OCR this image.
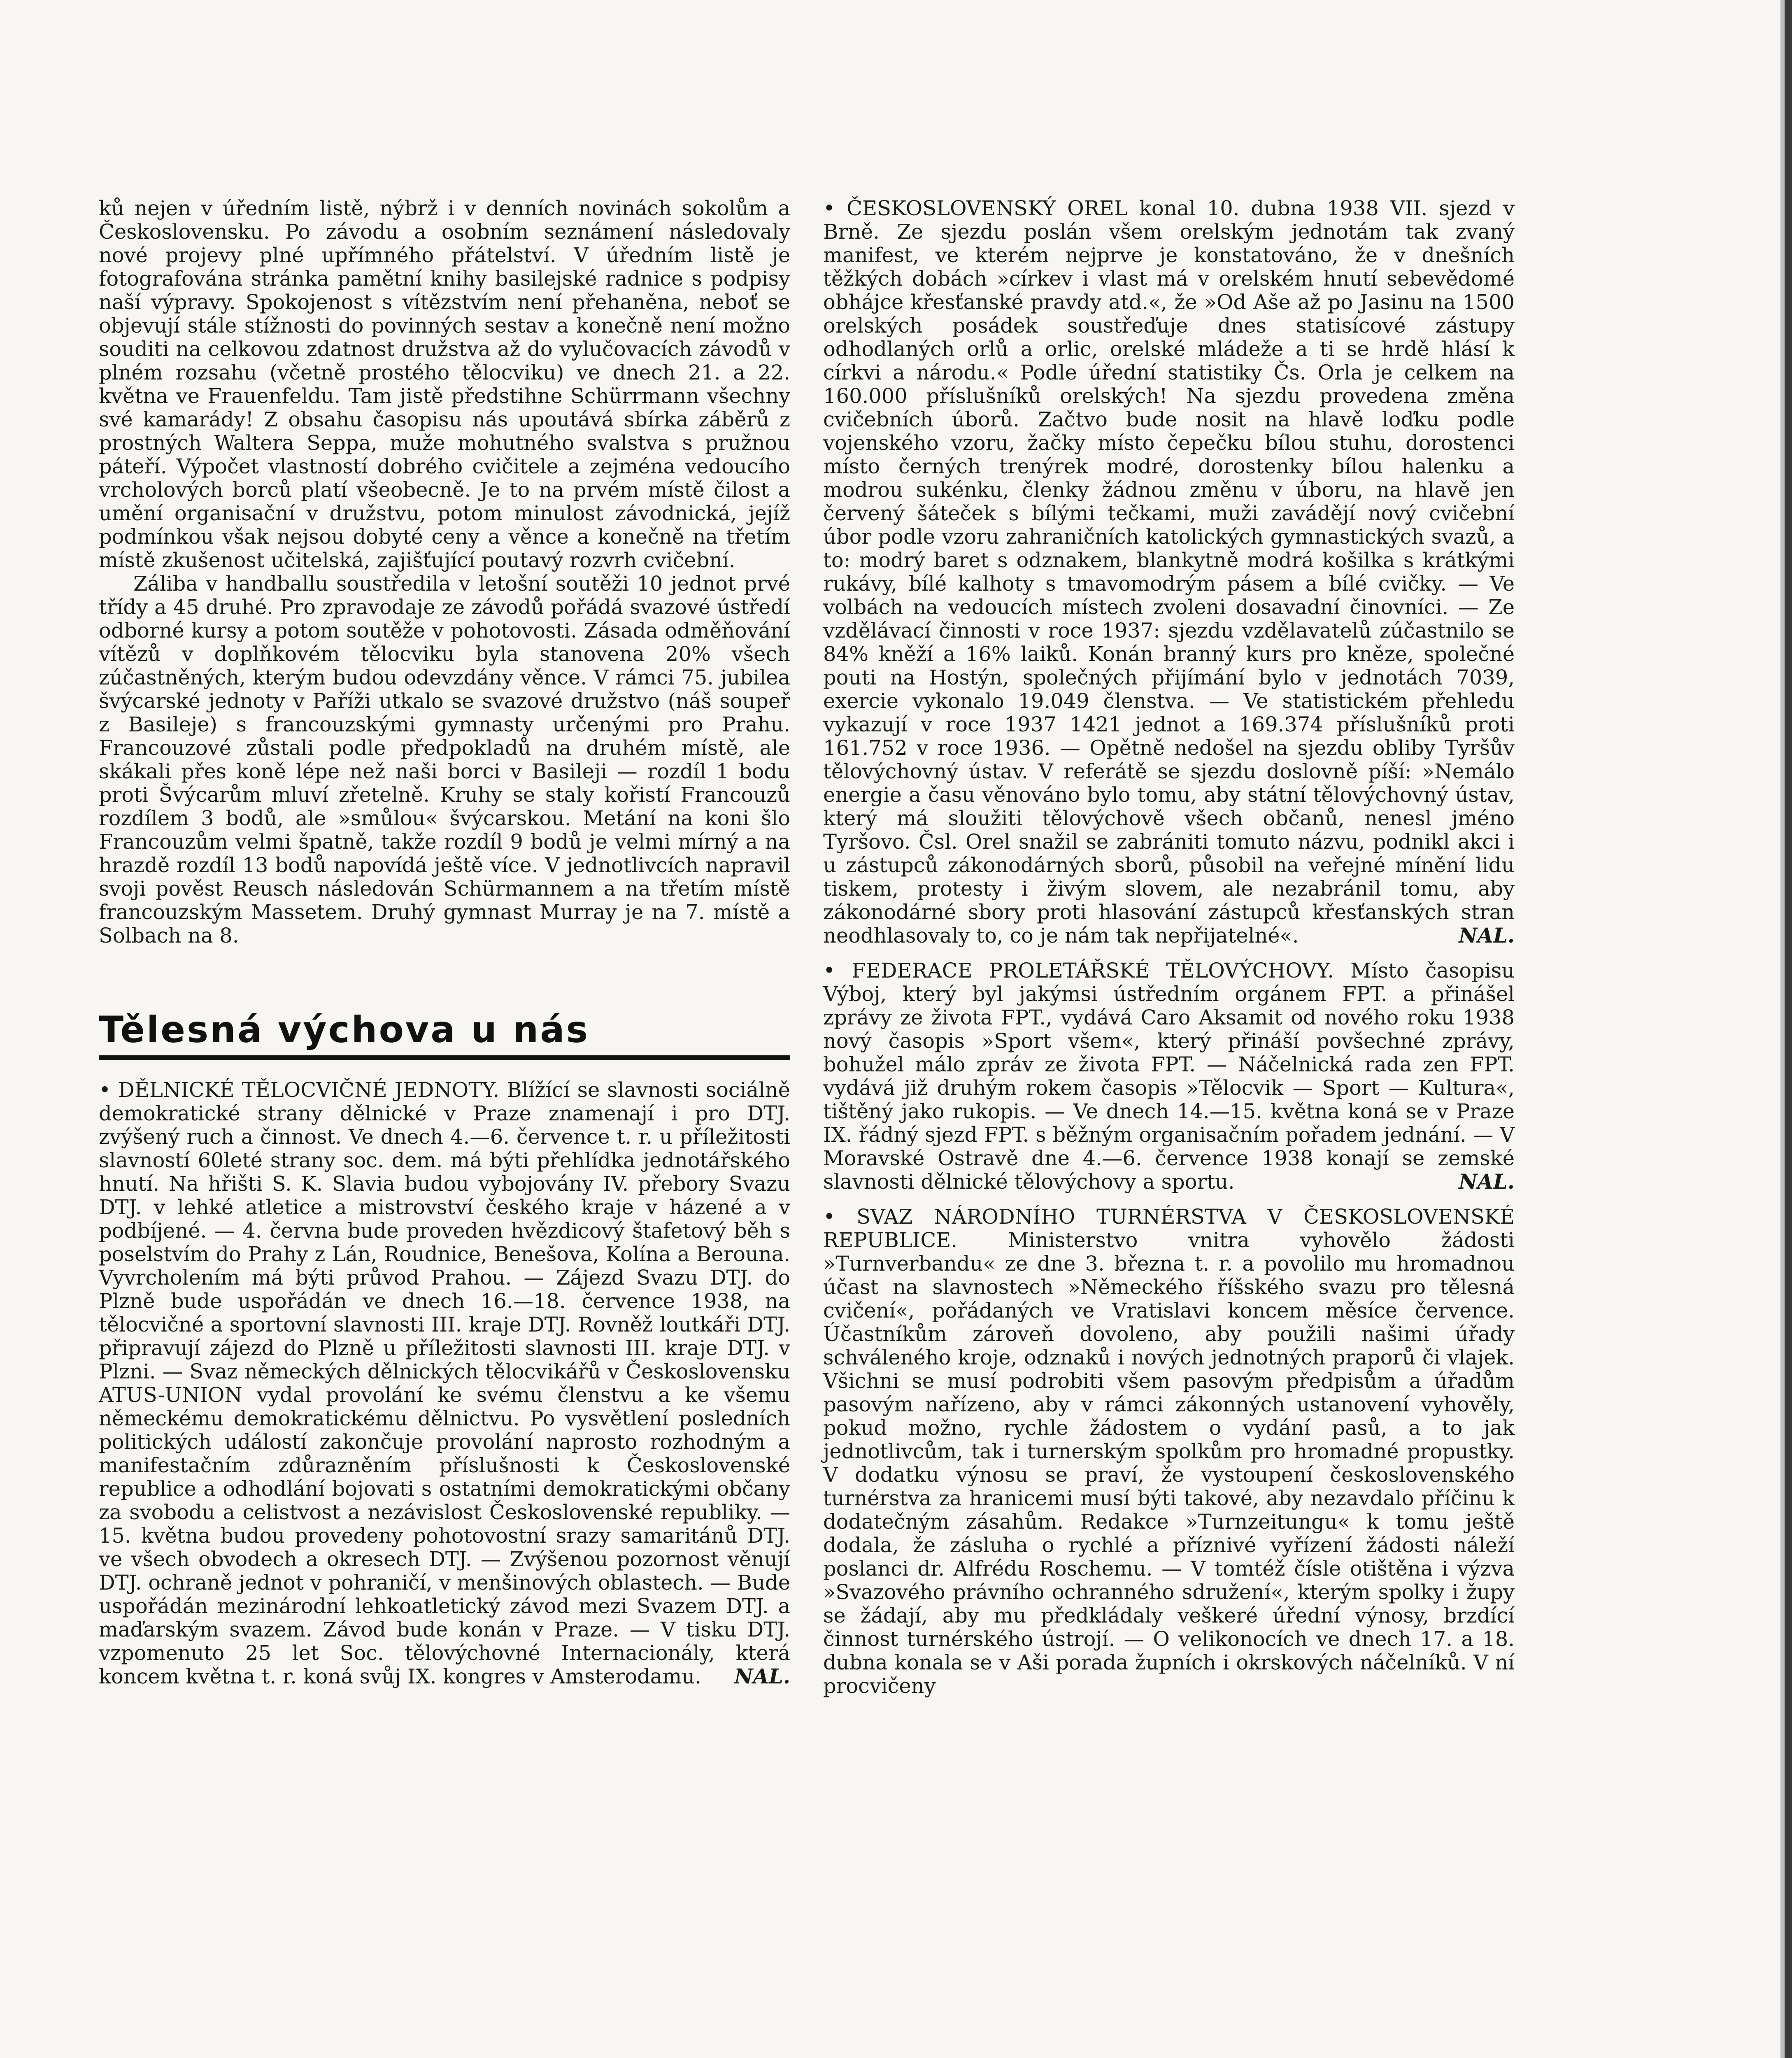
ků nejen v úředním listě, nýbrž i v denních novinách sokolům a Československu. Po závodu a osobním seznámení následovaly nové projevy plné upřímného přátelství. V úředním listě je fotografována stránka pamětní knihy basilejské radnice s podpisy naší výpravy. Spokojenost s vítězstvím není přehaněna, neboť se objevují stále stížnosti do povinných sestav a konečně není možno souditi na celkovou zdatnost družstva až do vylučovacích závodů v plném rozsahu (včetně prostého tělocviku) ve dnech 21. a 22. května ve Frauenfeldu. Tam jistě předstihne Schürrmann všechny své kamarády! Z obsahu časopisu nás upoutává sbírka záběrů z prostných Waltera Seppa, muže mohutného svalstva s pružnou páteří. Výpočet vlastností dobrého cvičitele a zejména vedoucího vrcholových borců platí všeobecně. Je to na prvém místě čilost a umění organisační v družstvu, potom minulost závodnická, jejíž podmínkou však nejsou dobyté ceny a věnce a konečně na třetím místě zkušenost učitelská, zajišťující poutavý rozvrh cvičební.

Záliba v handballu soustředila v letošní soutěži 10 jednot prvé třídy a 45 druhé. Pro zpravodaje ze závodů pořádá svazové ústředí odborné kursy a potom soutěže v pohotovosti. Zásada odměňování vítězů v doplňkovém tělocviku byla stanovena 20% všech zúčastněných, kterým budou odevzdány věnce. V rámci 75. jubilea švýcarské jednoty v Paříži utkalo se svazové družstvo (náš soupeř z Basileje) s francouzskými gymnasty určenými pro Prahu. Francouzové zůstali podle předpokladů na druhém místě, ale skákali přes koně lépe než naši borci v Basileji — rozdíl 1 bodu proti Švýcarům mluví zřetelně. Kruhy se staly kořistí Francouzů rozdílem 3 bodů, ale »smůlou« švýcarskou. Metání na koni šlo Francouzům velmi špatně, takže rozdíl 9 bodů je velmi mírný a na hrazdě rozdíl 13 bodů napovídá ještě více. V jednotlivcích napravil svoji pověst Reusch následován Schürmannem a na třetím místě francouzským Massetem. Druhý gymnast Murray je na 7. místě a Solbach na 8.

Tělesná výchova u nás

• DĚLNICKÉ TĚLOCVIČNÉ JEDNOTY. Blížící se slavnosti sociálně demokratické strany dělnické v Praze znamenají i pro DTJ. zvýšený ruch a činnost. Ve dnech 4.—6. července t. r. u příležitosti slavností 60leté strany soc. dem. má býti přehlídka jednotářského hnutí. Na hřišti S. K. Slavia budou vybojovány IV. přebory Svazu DTJ. v lehké atletice a mistrovství českého kraje v házené a v podbíjené. — 4. června bude proveden hvězdicový štafetový běh s poselstvím do Prahy z Lán, Roudnice, Benešova, Kolína a Berouna. Vyvrcholením má býti průvod Prahou. — Zájezd Svazu DTJ. do Plzně bude uspořádán ve dnech 16.—18. července 1938, na tělocvičné a sportovní slavnosti III. kraje DTJ. Rovněž loutkáři DTJ. připravují zájezd do Plzně u příležitosti slavnosti III. kraje DTJ. v Plzni. — Svaz německých dělnických tělocvikářů v Československu ATUS-UNION vydal provolání ke svému členstvu a ke všemu německému demokratickému dělnictvu. Po vysvětlení posledních politických událostí zakončuje provolání naprosto rozhodným a manifestačním zdůrazněním příslušnosti k Československé republice a odhodlání bojovati s ostatními demokratickými občany za svobodu a celistvost a nezávislost Československé republiky. — 15. května budou provedeny pohotovostní srazy samaritánů DTJ. ve všech obvodech a okresech DTJ. — Zvýšenou pozornost věnují DTJ. ochraně jednot v pohraničí, v menšinových oblastech. — Bude uspořádán mezinárodní lehkoatletický závod mezi Svazem DTJ. a maďarským svazem. Závod bude konán v Praze. — V tisku DTJ. vzpomenuto 25 let Soc. tělovýchovné Internacionály, která koncem května t. r. koná svůj IX. kongres v Amsterodamu. NAL.

• ČESKOSLOVENSKÝ OREL konal 10. dubna 1938 VII. sjezd v Brně. Ze sjezdu poslán všem orelským jednotám tak zvaný manifest, ve kterém nejprve je konstatováno, že v dnešních těžkých dobách »církev i vlast má v orelském hnutí sebevědomé obhájce křesťanské pravdy atd.«, že »Od Aše až po Jasinu na 1500 orelských posádek soustřeďuje dnes statisícové zástupy odhodlaných orlů a orlic, orelské mládeže a ti se hrdě hlásí k církvi a národu.« Podle úřední statistiky Čs. Orla je celkem na 160.000 příslušníků orelských! Na sjezdu provedena změna cvičebních úborů. Začtvo bude nosit na hlavě loďku podle vojenského vzoru, žačky místo čepečku bílou stuhu, dorostenci místo černých trenýrek modré, dorostenky bílou halenku a modrou sukénku, členky žádnou změnu v úboru, na hlavě jen červený šáteček s bílými tečkami, muži zavádějí nový cvičební úbor podle vzoru zahraničních katolických gymnastických svazů, a to: modrý baret s odznakem, blankytně modrá košilka s krátkými rukávy, bílé kalhoty s tmavomodrým pásem a bílé cvičky. — Ve volbách na vedoucích místech zvoleni dosavadní činovníci. — Ze vzdělávací činnosti v roce 1937: sjezdu vzdělavatelů zúčastnilo se 84% kněží a 16% laiků. Konán branný kurs pro kněze, společné pouti na Hostýn, společných přijímání bylo v jednotách 7039, exercie vykonalo 19.049 členstva. — Ve statistickém přehledu vykazují v roce 1937 1421 jednot a 169.374 příslušníků proti 161.752 v roce 1936. — Opětně nedošel na sjezdu obliby Tyršův tělovýchovný ústav. V referátě se sjezdu doslovně píší: »Nemálo energie a času věnováno bylo tomu, aby státní tělovýchovný ústav, který má sloužiti tělovýchově všech občanů, nenesl jméno Tyršovo. Čsl. Orel snažil se zabrániti tomuto názvu, podnikl akci i u zástupců zákonodárných sborů, působil na veřejné mínění lidu tiskem, protesty i živým slovem, ale nezabránil tomu, aby zákonodárné sbory proti hlasování zástupců křesťanských stran neodhlasovaly to, co je nám tak nepřijatelné«.	NAL.

• FEDERACE PROLETÁŘSKÉ TĚLOVÝCHOVY. Místo časopisu Výboj, který byl jakýmsi ústředním orgánem FPT. a přinášel zprávy ze života FPT., vydává Caro Aksamit od nového roku 1938 nový časopis »Sport všem«, který přináší povšechné zprávy, bohužel málo zpráv ze života FPT. — Náčelnická rada zen FPT. vydává již druhým rokem časopis »Tělocvik — Sport — Kultura«, tištěný jako rukopis. — Ve dnech 14.—15. května koná se v Praze IX. řádný sjezd FPT. s běžným organisačním pořadem jednání. — V Moravské Ostravě dne 4.—6. července 1938 konají se zemské slavnosti dělnické tělovýchovy a sportu.	NAL.

• SVAZ NÁRODNÍHO TURNÉRSTVA V ČESKOSLOVENSKÉ REPUBLICE. Ministerstvo vnitra vyhovělo žádosti »Turnverbandu« ze dne 3. března t. r. a povolilo mu hromadnou účast na slavnostech »Německého říšského svazu pro tělesná cvičení«, pořádaných ve Vratislavi koncem měsíce července. Účastníkům zároveň dovoleno, aby použili našimi úřady schváleného kroje, odznaků i nových jednotných praporů či vlajek. Všichni se musí podrobiti všem pasovým předpisům a úřadům pasovým nařízeno, aby v rámci zákonných ustanovení vyhověly, pokud možno, rychle žádostem o vydání pasů, a to jak jednotlivcům, tak i turnerským spolkům pro hromadné propustky. V dodatku výnosu se praví, že vystoupení československého turnérstva za hranicemi musí býti takové, aby nezavdalo příčinu k dodatečným zásahům. Redakce »Turnzeitungu« k tomu ještě dodala, že zásluha o rychlé a příznivé vyřízení žádosti náleží poslanci dr. Alfrédu Roschemu. — V tomtéž čísle otištěna i výzva »Svazového právního ochranného sdružení«, kterým spolky i župy se žádají, aby mu předkládaly veškeré úřední výnosy, brzdící činnost turnérského ústrojí. — O velikonocích ve dnech 17. a 18. dubna konala se v Aši porada župních i okrskových náčelníků. V ní procvičeny
